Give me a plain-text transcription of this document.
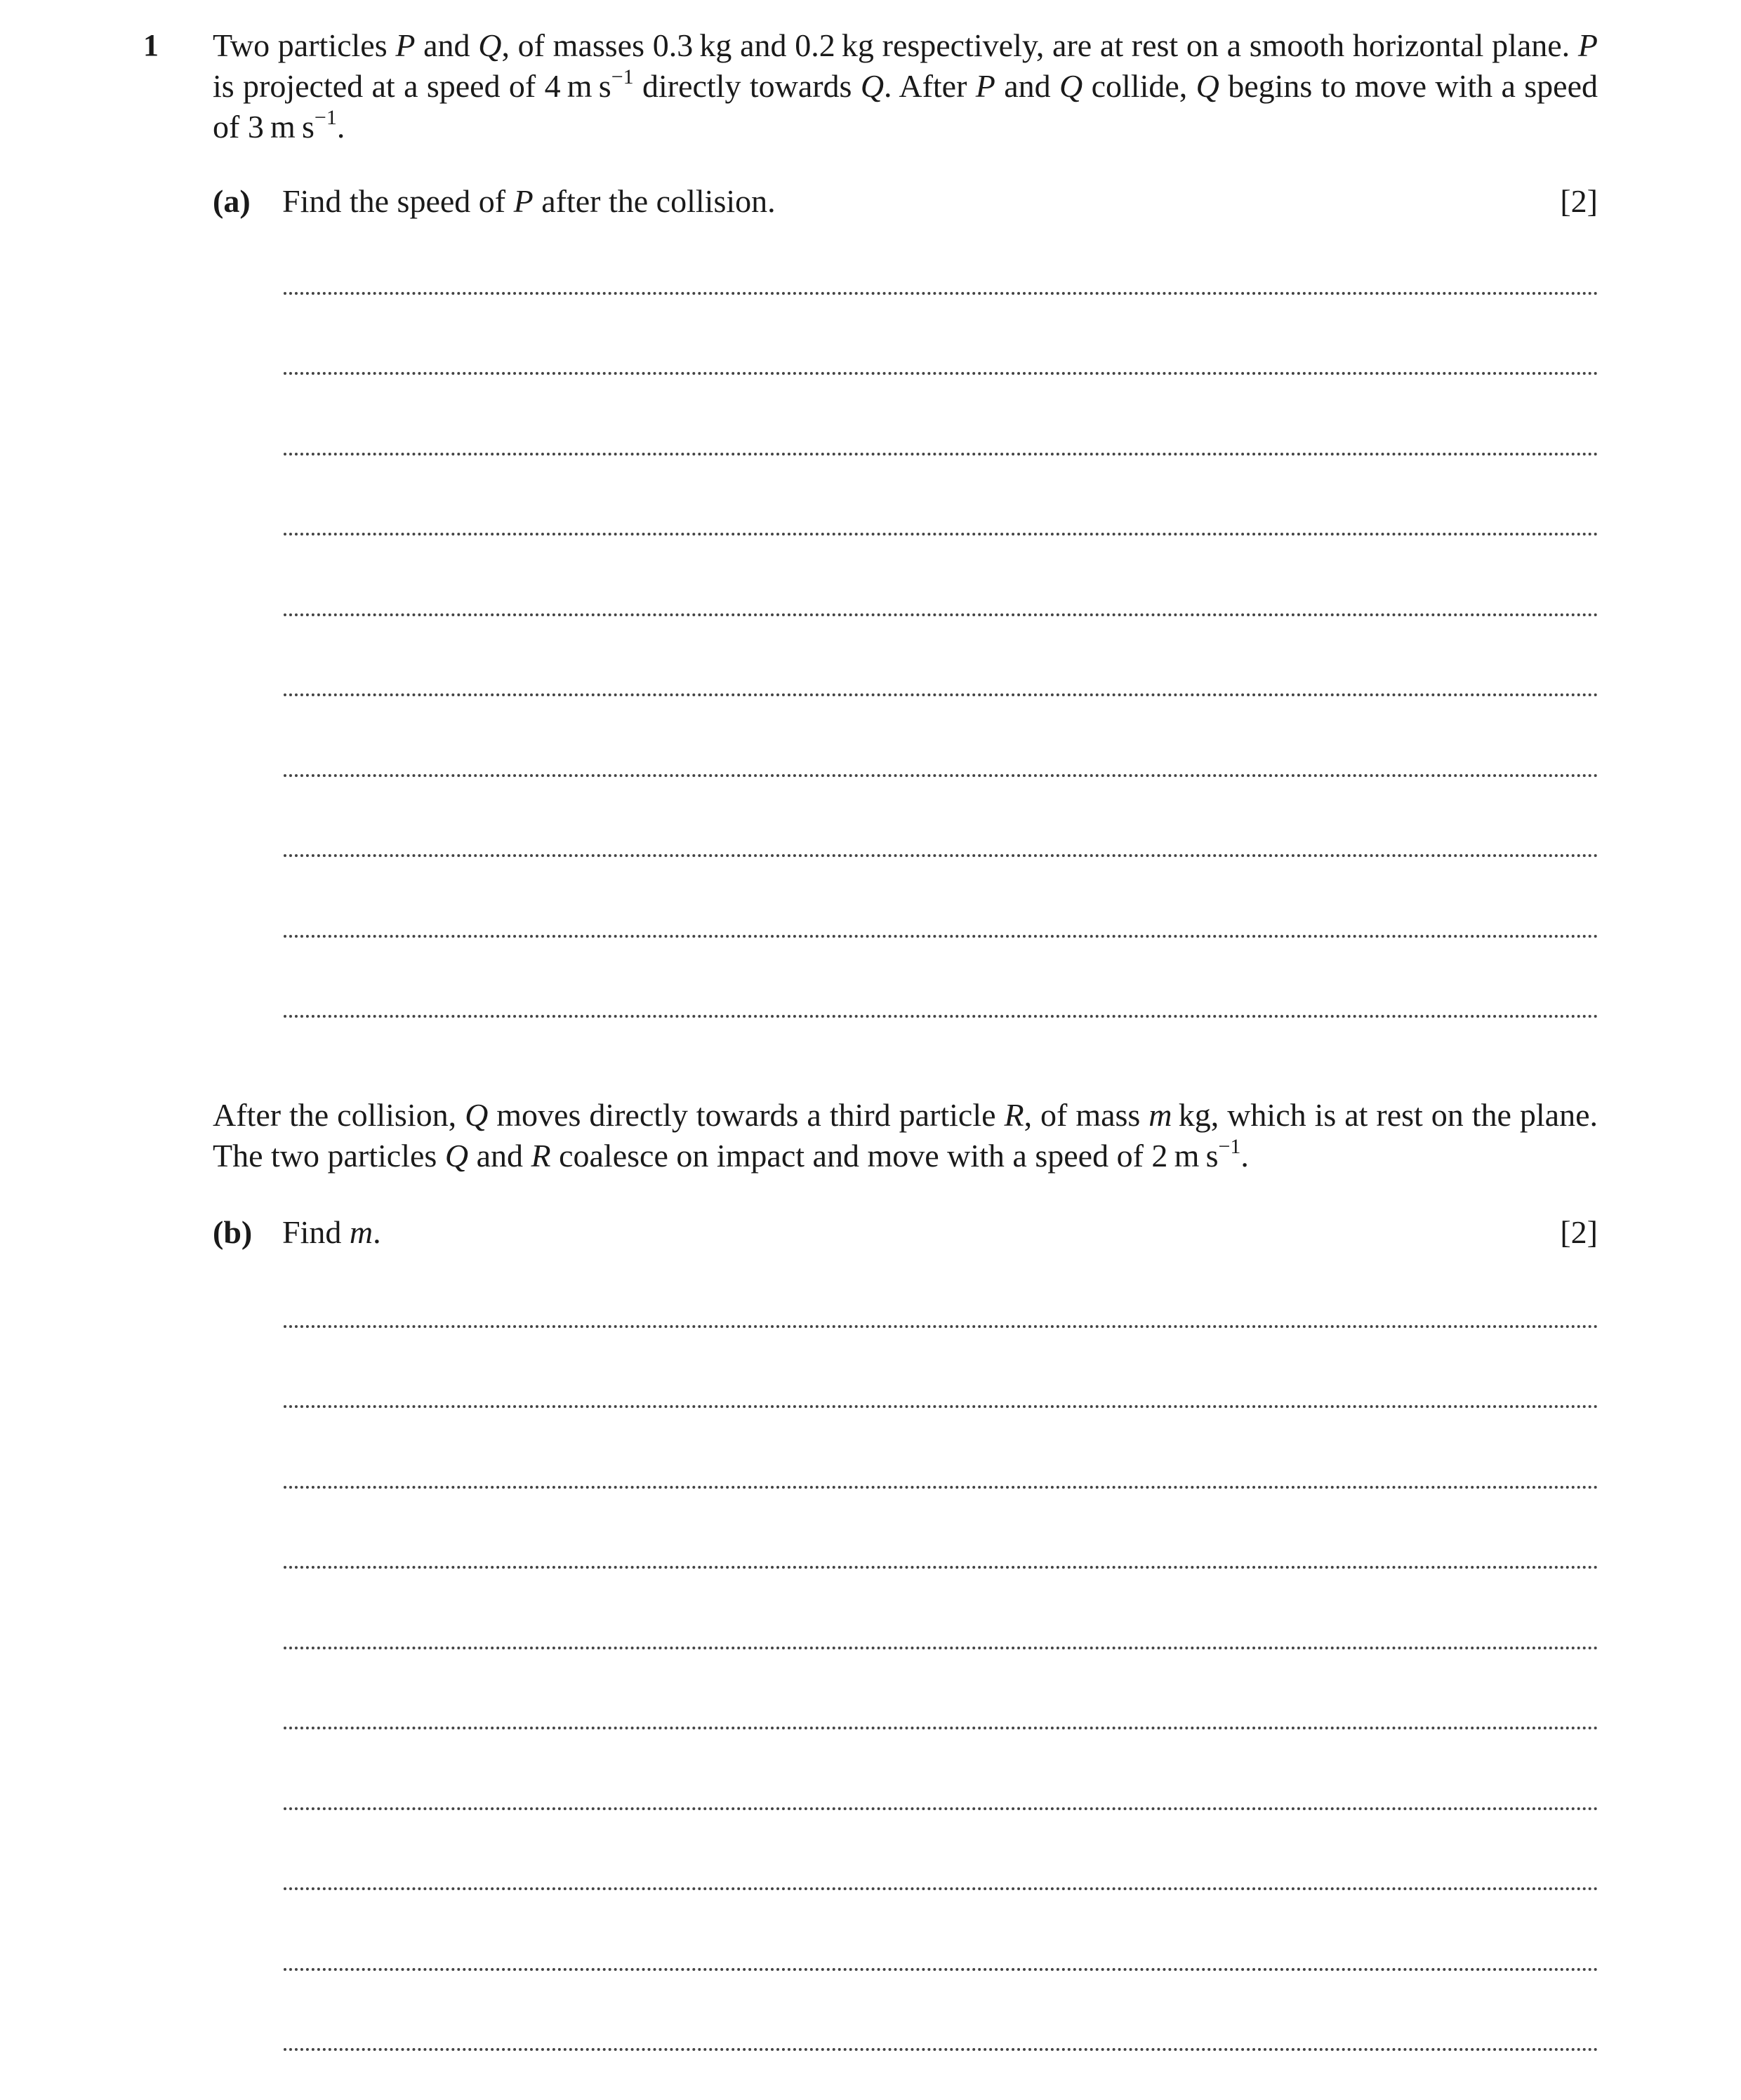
1 Two particles P and Q, of masses 0.3 kg and 0.2 kg respectively, are at rest on a smooth horizontal plane. P is projected at a speed of 4 m $s^{-1}$ directly towards Q. After P and Q collide, Q begins to move with a speed of 3 m $s^{-1}$.
(a) Find the speed of P after the collision.	[2]
After the collision, Q moves directly towards a third particle R, of mass m kg, which is at rest on the plane. The two particles Q and R coalesce on impact and move with a speed of 2 m $s^{-1}$.
(b) Find m.	[2]
